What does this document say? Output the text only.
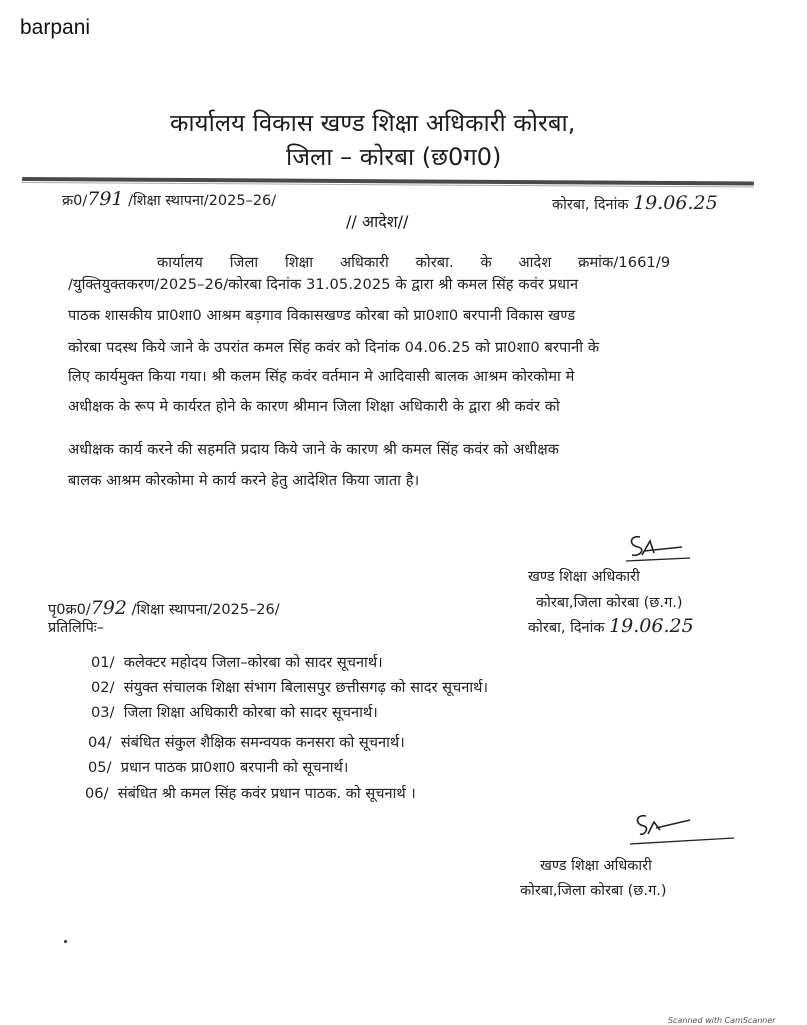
barpani
कार्यालय विकास खण्ड शिक्षा अधिकारी कोरबा,
जिला – कोरबा (छ0ग0)
क्र0/791 /शिक्षा स्थापना/2025–26/	कोरबा, दिनांक 19.06.25
// आदेश//
कार्यालय जिला शिक्षा अधिकारी कोरबा. के आदेश क्रमांक/1661/9
/युक्तियुक्तकरण/2025–26/कोरबा दिनांक 31.05.2025 के द्वारा श्री कमल सिंह कवंर प्रधान
पाठक शासकीय प्रा0शा0 आश्रम बड़गाव विकासखण्ड कोरबा को प्रा0शा0 बरपानी विकास खण्ड
कोरबा पदस्थ किये जाने के उपरांत कमल सिंह कवंर को दिनांक 04.06.25 को प्रा0शा0 बरपानी के
लिए कार्यमुक्त किया गया। श्री कलम सिंह कवंर वर्तमान मे आदिवासी बालक आश्रम कोरकोमा मे
अधीक्षक के रूप मे कार्यरत होने के कारण श्रीमान जिला शिक्षा अधिकारी के द्वारा श्री कवंर को
अधीक्षक कार्य करने की सहमति प्रदाय किये जाने के कारण श्री कमल सिंह कवंर को अधीक्षक
बालक आश्रम कोरकोमा मे कार्य करने हेतु आदेशित किया जाता है।
खण्ड शिक्षा अधिकारी
कोरबा,जिला कोरबा (छ.ग.)
कोरबा, दिनांक 19.06.25
पृ0क्र0/792 /शिक्षा स्थापना/2025–26/
प्रतिलिपिः–
01/ कलेक्टर महोदय जिला–कोरबा को सादर सूचनार्थ।
02/ संयुक्त संचालक शिक्षा संभाग बिलासपुर छत्तीसगढ़ को सादर सूचनार्थ।
03/ जिला शिक्षा अधिकारी कोरबा को सादर सूचनार्थ।
04/ संबंधित संकुल शैक्षिक समन्वयक कनसरा को सूचनार्थ।
05/ प्रधान पाठक प्रा0शा0 बरपानी को सूचनार्थ।
06/ संबंधित श्री कमल सिंह कवंर प्रधान पाठक. को सूचनार्थ ।
खण्ड शिक्षा अधिकारी
कोरबा,जिला कोरबा (छ.ग.)
Scanned with CamScanner
